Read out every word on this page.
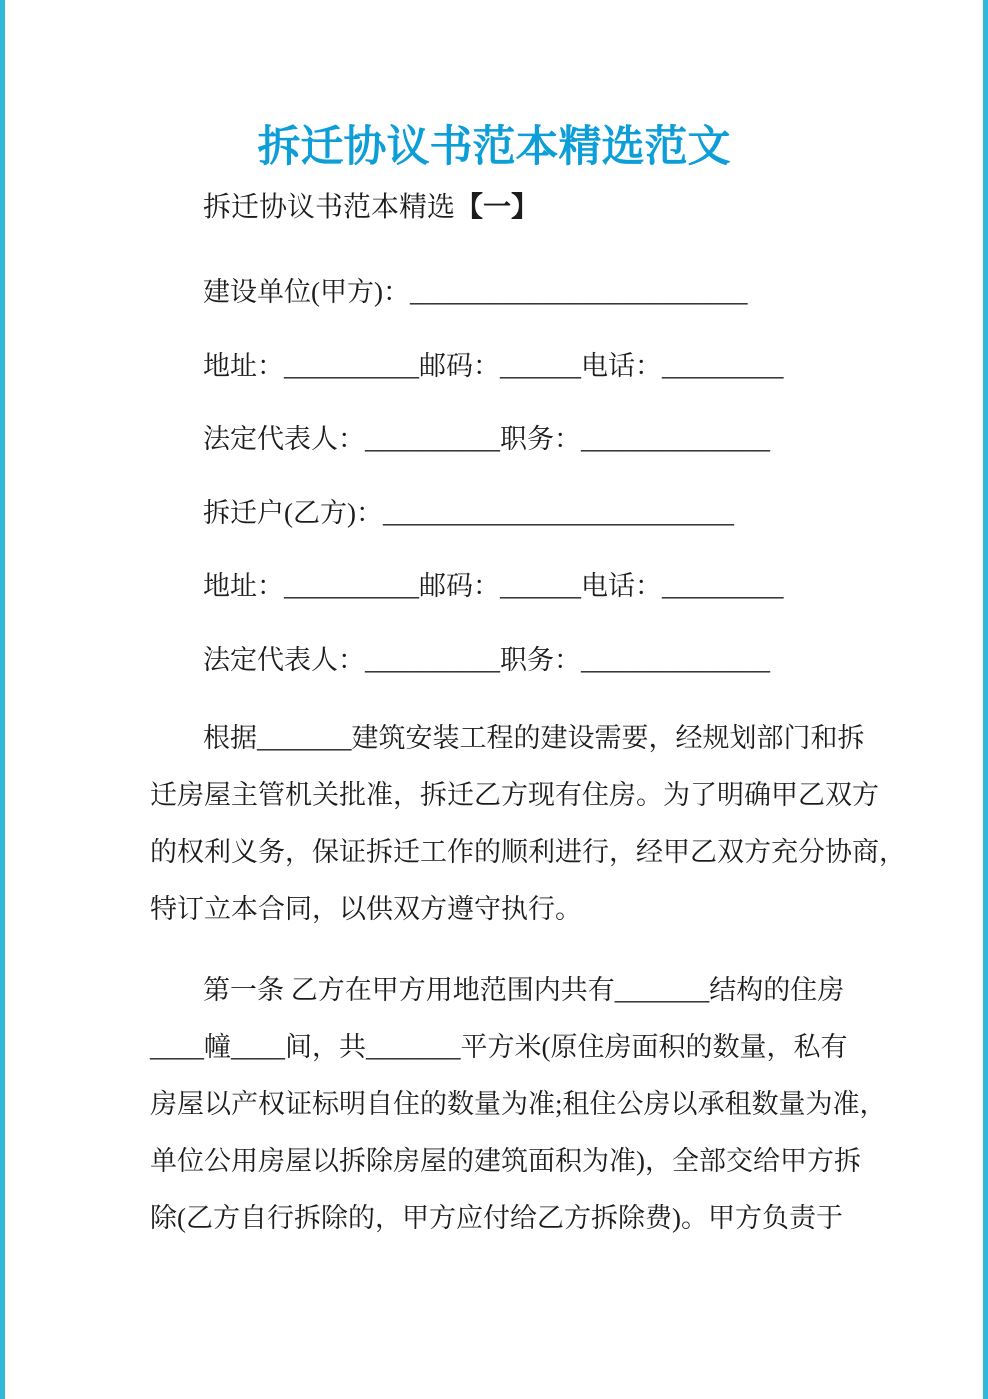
拆迁协议书范本精选范文
拆迁协议书范本精选【一】
建设单位(甲方)：_________________________
地址：__________邮码：______电话：_________
法定代表人：__________职务：______________
拆迁户(乙方)：__________________________
地址：__________邮码：______电话：_________
法定代表人：__________职务：______________
根据_______建筑安装工程的建设需要，经规划部门和拆
迁房屋主管机关批准，拆迁乙方现有住房。为了明确甲乙双方
的权利义务，保证拆迁工作的顺利进行，经甲乙双方充分协商，
特订立本合同，以供双方遵守执行。
第一条 乙方在甲方用地范围内共有_______结构的住房
____幢____间，共_______平方米(原住房面积的数量，私有
房屋以产权证标明自住的数量为准;租住公房以承租数量为准，
单位公用房屋以拆除房屋的建筑面积为准)，全部交给甲方拆
除(乙方自行拆除的，甲方应付给乙方拆除费)。甲方负责于
